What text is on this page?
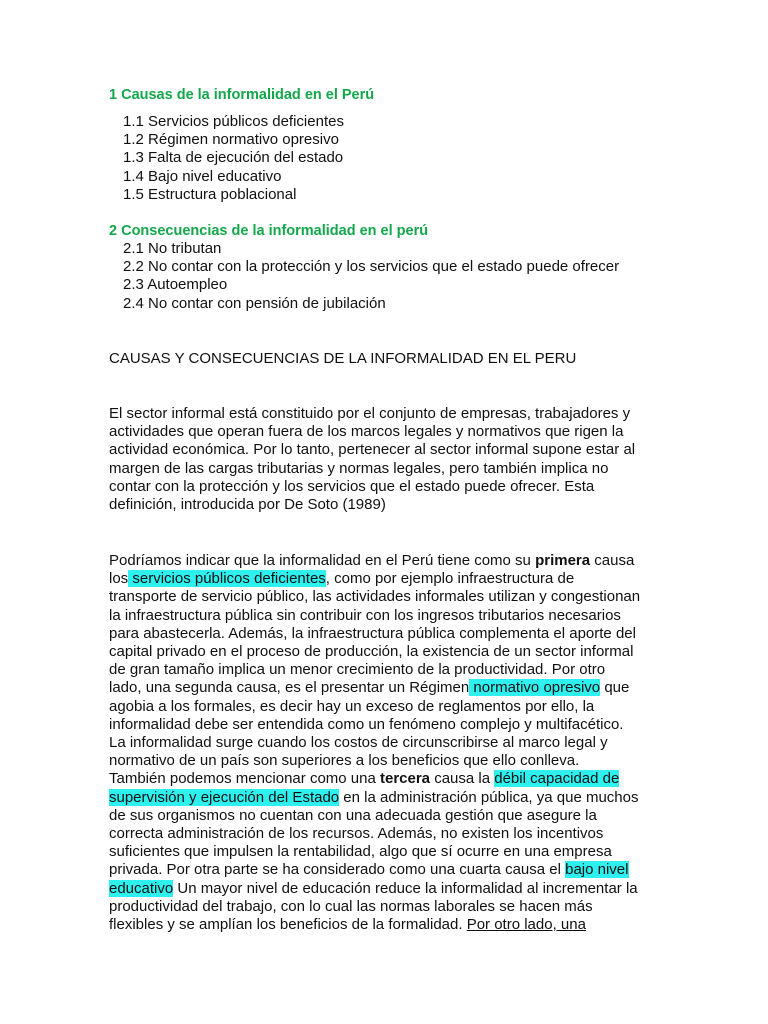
1 Causas de la informalidad en el Perú
1.1 Servicios públicos deficientes
1.2 Régimen normativo opresivo
1.3 Falta de ejecución del estado
1.4 Bajo nivel educativo
1.5 Estructura poblacional
2 Consecuencias de la informalidad en el perú
2.1 No tributan
2.2 No contar con la protección y los servicios que el estado puede ofrecer
2.3 Autoempleo
2.4 No contar con pensión de jubilación
CAUSAS Y CONSECUENCIAS DE LA INFORMALIDAD EN EL PERU
El sector informal está constituido por el conjunto de empresas, trabajadores y
actividades que operan fuera de los marcos legales y normativos que rigen la
actividad económica. Por lo tanto, pertenecer al sector informal supone estar al
margen de las cargas tributarias y normas legales, pero también implica no
contar con la protección y los servicios que el estado puede ofrecer. Esta
definición, introducida por De Soto (1989)
Podríamos indicar que la informalidad en el Perú tiene como su primera causa
los servicios públicos deficientes, como por ejemplo infraestructura de
transporte de servicio público, las actividades informales utilizan y congestionan
la infraestructura pública sin contribuir con los ingresos tributarios necesarios
para abastecerla. Además, la infraestructura pública complementa el aporte del
capital privado en el proceso de producción, la existencia de un sector informal
de gran tamaño implica un menor crecimiento de la productividad. Por otro
lado, una segunda causa, es el presentar un Régimen normativo opresivo que
agobia a los formales, es decir hay un exceso de reglamentos por ello, la
informalidad debe ser entendida como un fenómeno complejo y multifacético.
La informalidad surge cuando los costos de circunscribirse al marco legal y
normativo de un país son superiores a los beneficios que ello conlleva.
También podemos mencionar como una tercera causa la débil capacidad de
supervisión y ejecución del Estado en la administración pública, ya que muchos
de sus organismos no cuentan con una adecuada gestión que asegure la
correcta administración de los recursos. Además, no existen los incentivos
suficientes que impulsen la rentabilidad, algo que sí ocurre en una empresa
privada. Por otra parte se ha considerado como una cuarta causa el bajo nivel
educativo Un mayor nivel de educación reduce la informalidad al incrementar la
productividad del trabajo, con lo cual las normas laborales se hacen más
flexibles y se amplían los beneficios de la formalidad. Por otro lado, una
